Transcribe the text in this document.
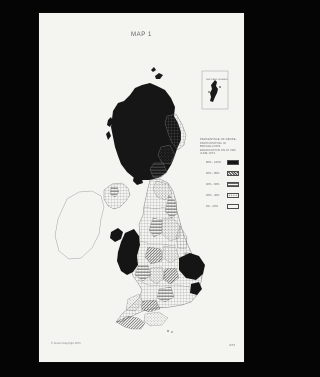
MAP 1
SHETLAND ISLANDS
PERCENTAGE OF DENSE-PARTICIPATING IN
BRUCELLOSIS ERADICATION ON AT 30th JUNE 1973
80% - 100%
60% - 80%
40% - 60%
20% - 40%
0% - 20%
© Crown Copyright 1973
3/73
